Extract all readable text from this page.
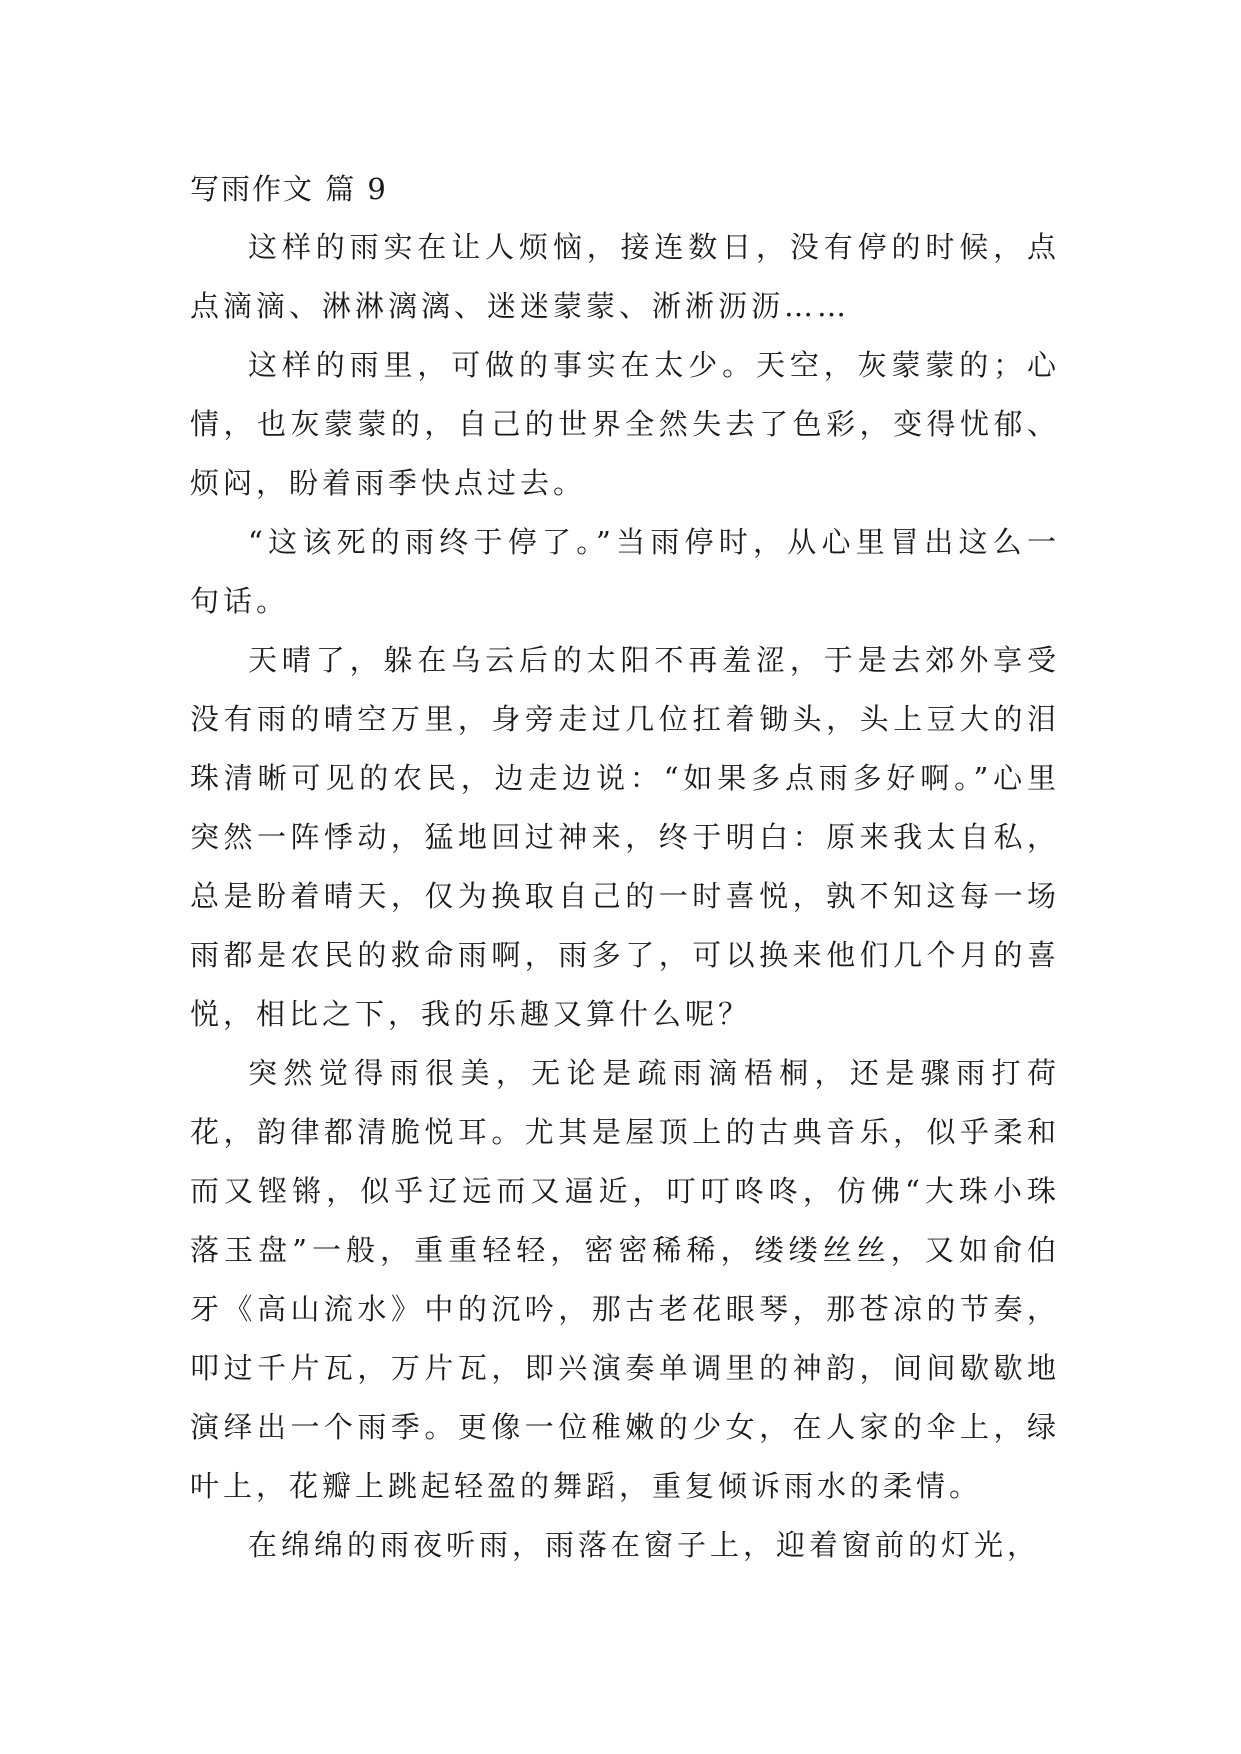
写雨作文 篇 9

这样的雨实在让人烦恼，接连数日，没有停的时候，点点滴滴、淋淋漓漓、迷迷蒙蒙、淅淅沥沥……

这样的雨里，可做的事实在太少。天空，灰蒙蒙的；心情，也灰蒙蒙的，自己的世界全然失去了色彩，变得忧郁、烦闷，盼着雨季快点过去。

“这该死的雨终于停了。”当雨停时，从心里冒出这么一句话。

天晴了，躲在乌云后的太阳不再羞涩，于是去郊外享受没有雨的晴空万里，身旁走过几位扛着锄头，头上豆大的泪珠清晰可见的农民，边走边说：“如果多点雨多好啊。”心里突然一阵悸动，猛地回过神来，终于明白：原来我太自私，总是盼着晴天，仅为换取自己的一时喜悦，孰不知这每一场雨都是农民的救命雨啊，雨多了，可以换来他们几个月的喜悦，相比之下，我的乐趣又算什么呢？

突然觉得雨很美，无论是疏雨滴梧桐，还是骤雨打荷花，韵律都清脆悦耳。尤其是屋顶上的古典音乐，似乎柔和而又铿锵，似乎辽远而又逼近，叮叮咚咚，仿佛“大珠小珠落玉盘”一般，重重轻轻，密密稀稀，缕缕丝丝，又如俞伯牙《高山流水》中的沉吟，那古老花眼琴，那苍凉的节奏，叩过千片瓦，万片瓦，即兴演奏单调里的神韵，间间歇歇地演绎出一个雨季。更像一位稚嫩的少女，在人家的伞上，绿叶上，花瓣上跳起轻盈的舞蹈，重复倾诉雨水的柔情。

在绵绵的雨夜听雨，雨落在窗子上，迎着窗前的灯光，
